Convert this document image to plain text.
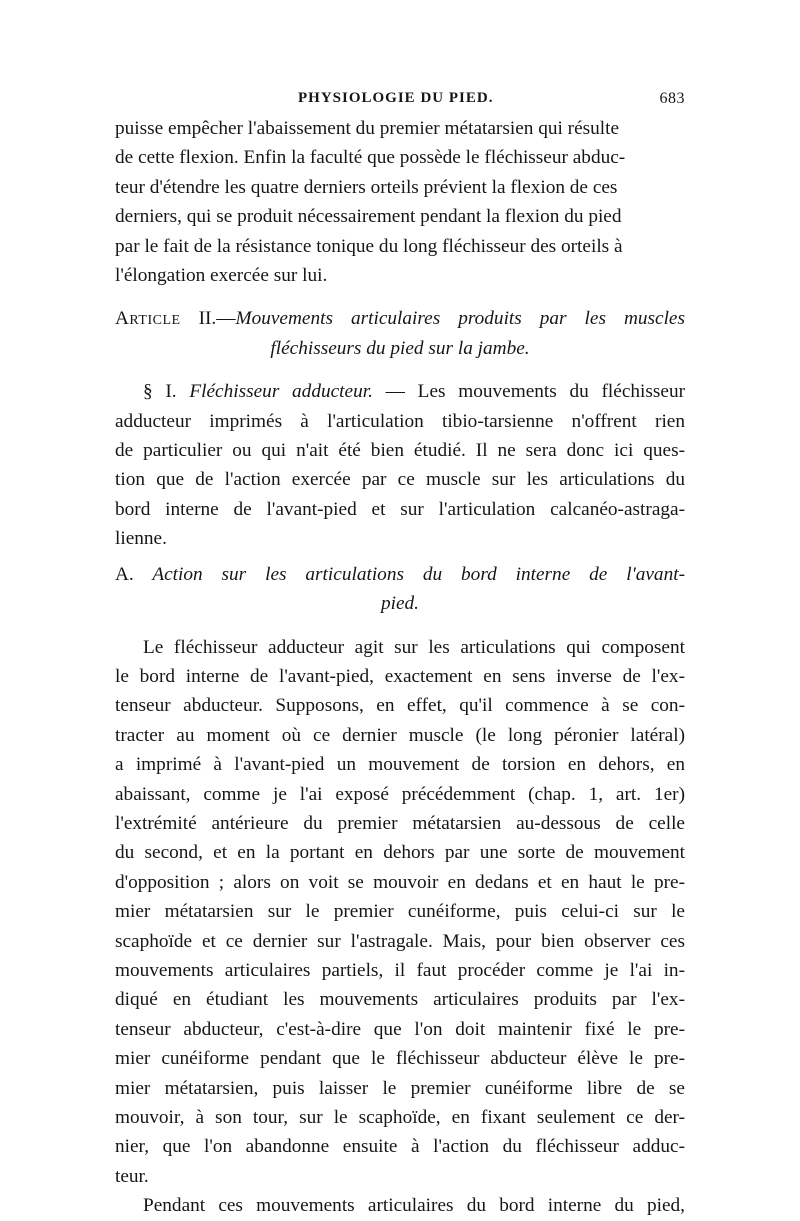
PHYSIOLOGIE DU PIED.	683

puisse empêcher l'abaissement du premier métatarsien qui résulte
de cette flexion. Enfin la faculté que possède le fléchisseur abduc-
teur d'étendre les quatre derniers orteils prévient la flexion de ces
derniers, qui se produit nécessairement pendant la flexion du pied
par le fait de la résistance tonique du long fléchisseur des orteils à
l'élongation exercée sur lui.

Article II.—Mouvements articulaires produits par les muscles
fléchisseurs du pied sur la jambe.

§ I. Fléchisseur adducteur. — Les mouvements du fléchisseur
adducteur imprimés à l'articulation tibio-tarsienne n'offrent rien
de particulier ou qui n'ait été bien étudié. Il ne sera donc ici ques-
tion que de l'action exercée par ce muscle sur les articulations du
bord interne de l'avant-pied et sur l'articulation calcanéo-astraga-
lienne.

A. Action sur les articulations du bord interne de l'avant-
pied.

Le fléchisseur adducteur agit sur les articulations qui composent
le bord interne de l'avant-pied, exactement en sens inverse de l'ex-
tenseur abducteur. Supposons, en effet, qu'il commence à se con-
tracter au moment où ce dernier muscle (le long péronier latéral)
a imprimé à l'avant-pied un mouvement de torsion en dehors, en
abaissant, comme je l'ai exposé précédemment (chap. 1, art. 1er)
l'extrémité antérieure du premier métatarsien au-dessous de celle
du second, et en la portant en dehors par une sorte de mouvement
d'opposition ; alors on voit se mouvoir en dedans et en haut le pre-
mier métatarsien sur le premier cunéiforme, puis celui-ci sur le
scaphoïde et ce dernier sur l'astragale. Mais, pour bien observer ces
mouvements articulaires partiels, il faut procéder comme je l'ai in-
diqué en étudiant les mouvements articulaires produits par l'ex-
tenseur abducteur, c'est-à-dire que l'on doit maintenir fixé le pre-
mier cunéiforme pendant que le fléchisseur abducteur élève le pre-
mier métatarsien, puis laisser le premier cunéiforme libre de se
mouvoir, à son tour, sur le scaphoïde, en fixant seulement ce der-
nier, que l'on abandonne ensuite à l'action du fléchisseur adduc-
teur.

Pendant ces mouvements articulaires du bord interne du pied,
